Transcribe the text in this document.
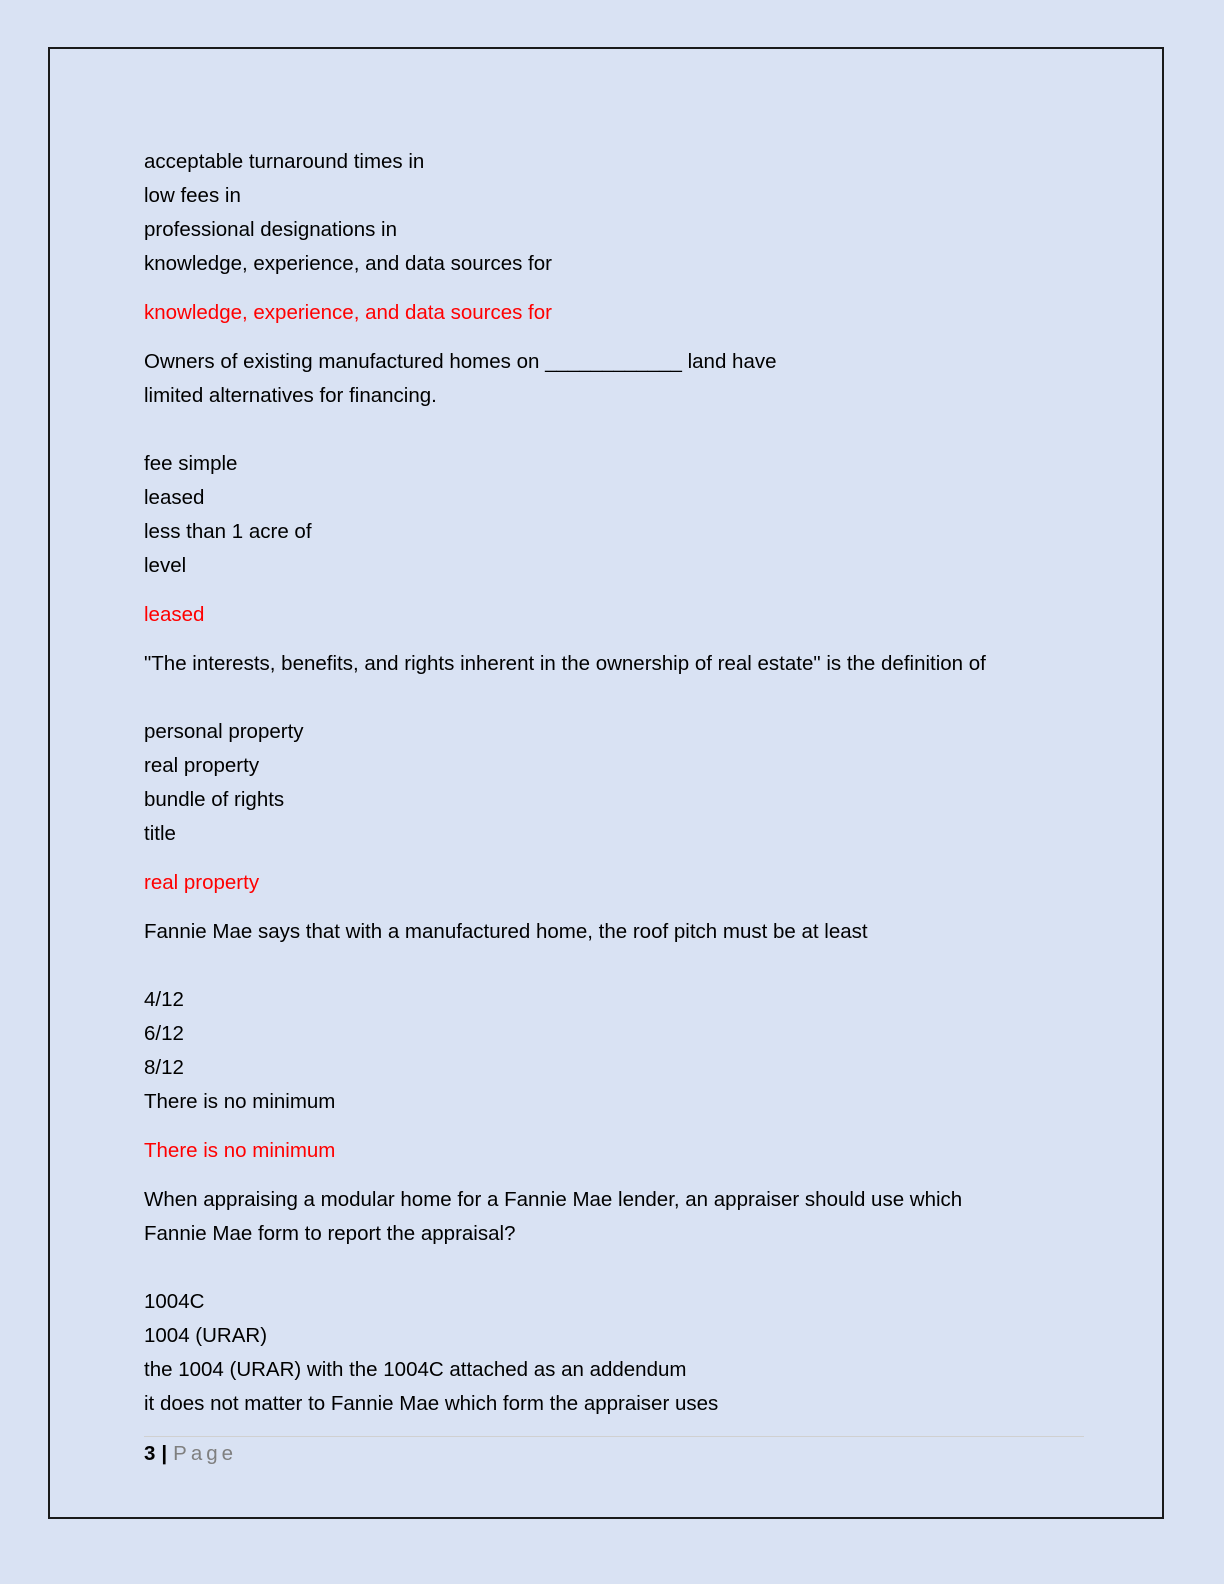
acceptable turnaround times in
low fees in
professional designations in
knowledge, experience, and data sources for
knowledge, experience, and data sources for
Owners of existing manufactured homes on ____________ land have
limited alternatives for financing.
fee simple
leased
less than 1 acre of
level
leased
"The interests, benefits, and rights inherent in the ownership of real estate" is the definition of
personal property
real property
bundle of rights
title
real property
Fannie Mae says that with a manufactured home, the roof pitch must be at least
4/12
6/12
8/12
There is no minimum
There is no minimum
When appraising a modular home for a Fannie Mae lender, an appraiser should use which
Fannie Mae form to report the appraisal?
1004C
1004 (URAR)
the 1004 (URAR) with the 1004C attached as an addendum
it does not matter to Fannie Mae which form the appraiser uses
3 | Page
